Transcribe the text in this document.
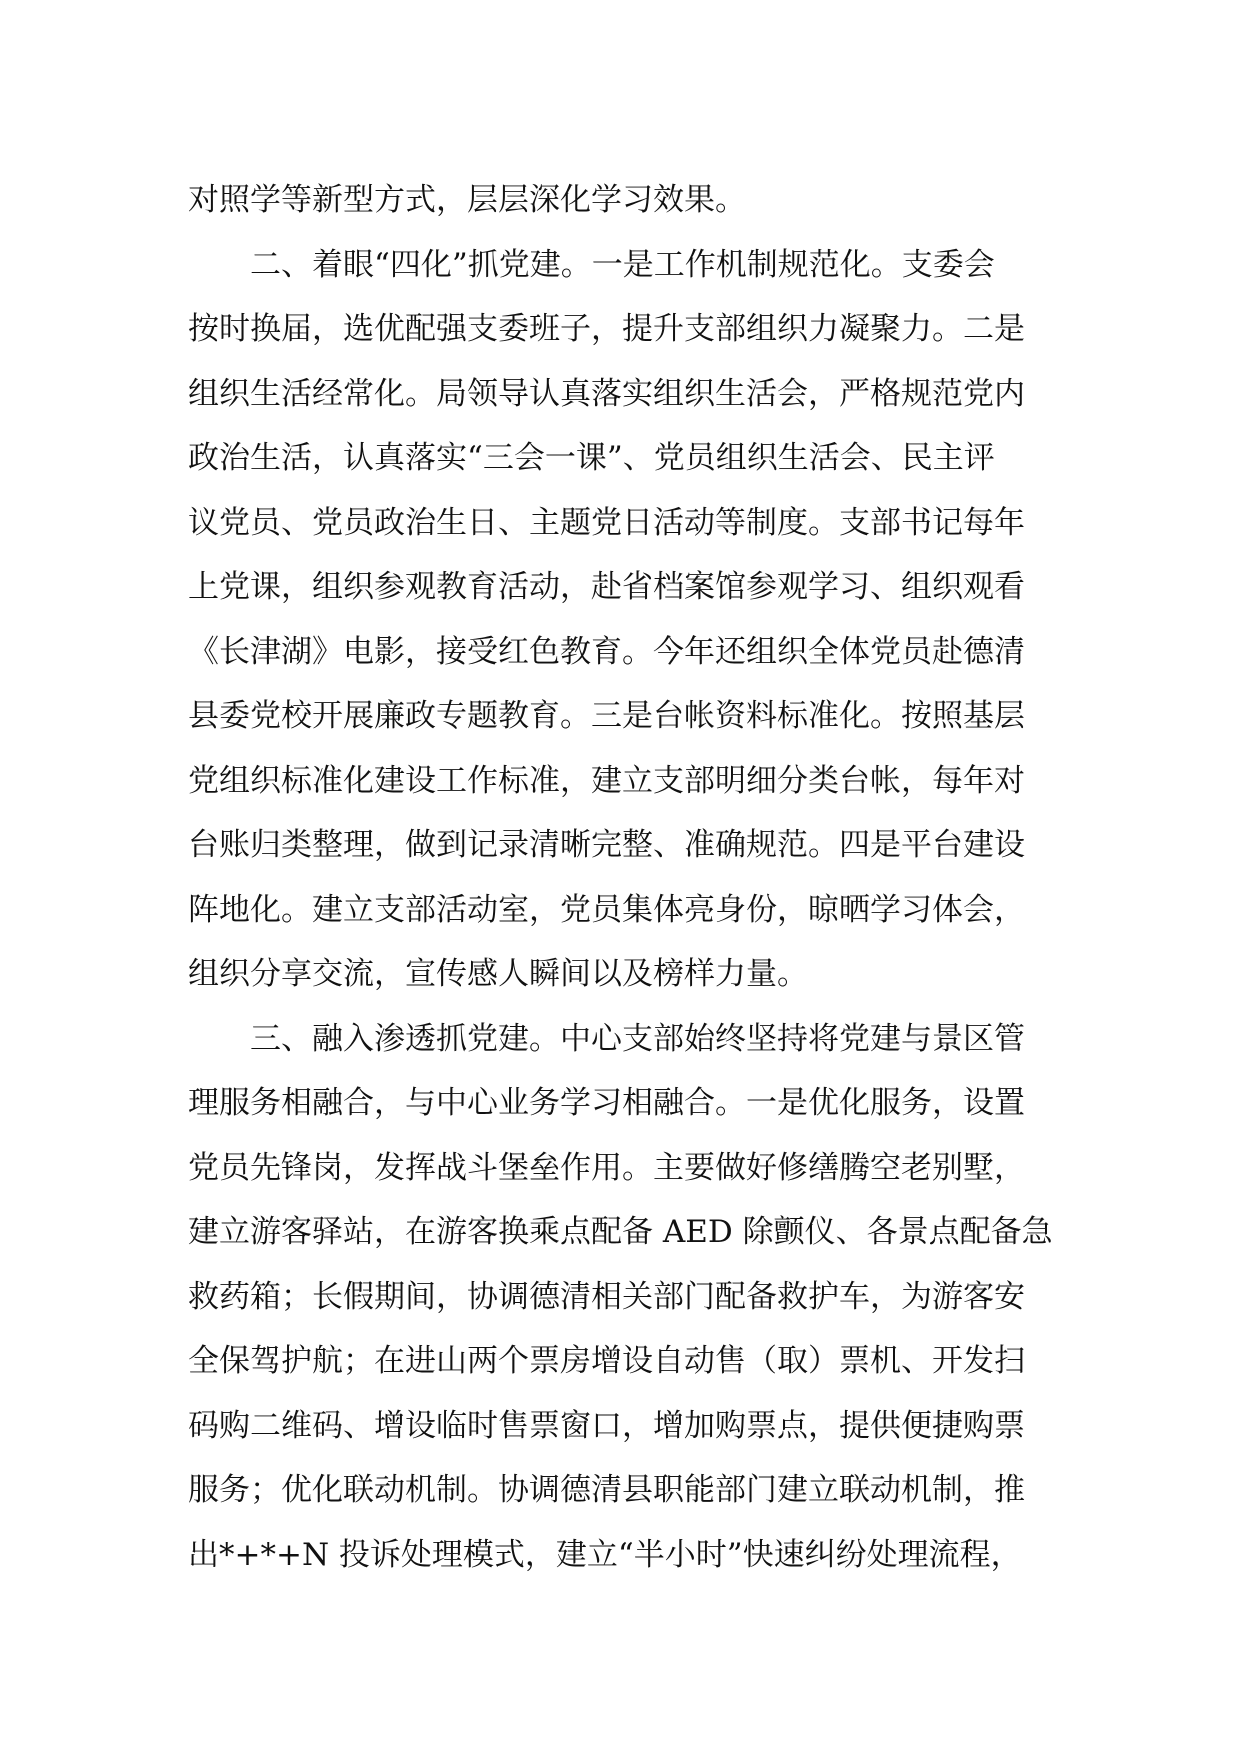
对照学等新型方式，层层深化学习效果。
　　二、着眼“四化”抓党建。一是工作机制规范化。支委会
按时换届，选优配强支委班子，提升支部组织力凝聚力。二是
组织生活经常化。局领导认真落实组织生活会，严格规范党内
政治生活，认真落实“三会一课”、党员组织生活会、民主评
议党员、党员政治生日、主题党日活动等制度。支部书记每年
上党课，组织参观教育活动，赴省档案馆参观学习、组织观看
《长津湖》电影，接受红色教育。今年还组织全体党员赴德清
县委党校开展廉政专题教育。三是台帐资料标准化。按照基层
党组织标准化建设工作标准，建立支部明细分类台帐，每年对
台账归类整理，做到记录清晰完整、准确规范。四是平台建设
阵地化。建立支部活动室，党员集体亮身份，晾晒学习体会，
组织分享交流，宣传感人瞬间以及榜样力量。
　　三、融入渗透抓党建。中心支部始终坚持将党建与景区管
理服务相融合，与中心业务学习相融合。一是优化服务，设置
党员先锋岗，发挥战斗堡垒作用。主要做好修缮腾空老别墅，
建立游客驿站，在游客换乘点配备 AED 除颤仪、各景点配备急
救药箱；长假期间，协调德清相关部门配备救护车，为游客安
全保驾护航；在进山两个票房增设自动售（取）票机、开发扫
码购二维码、增设临时售票窗口，增加购票点，提供便捷购票
服务；优化联动机制。协调德清县职能部门建立联动机制，推
出*+*+N 投诉处理模式，建立“半小时”快速纠纷处理流程，
